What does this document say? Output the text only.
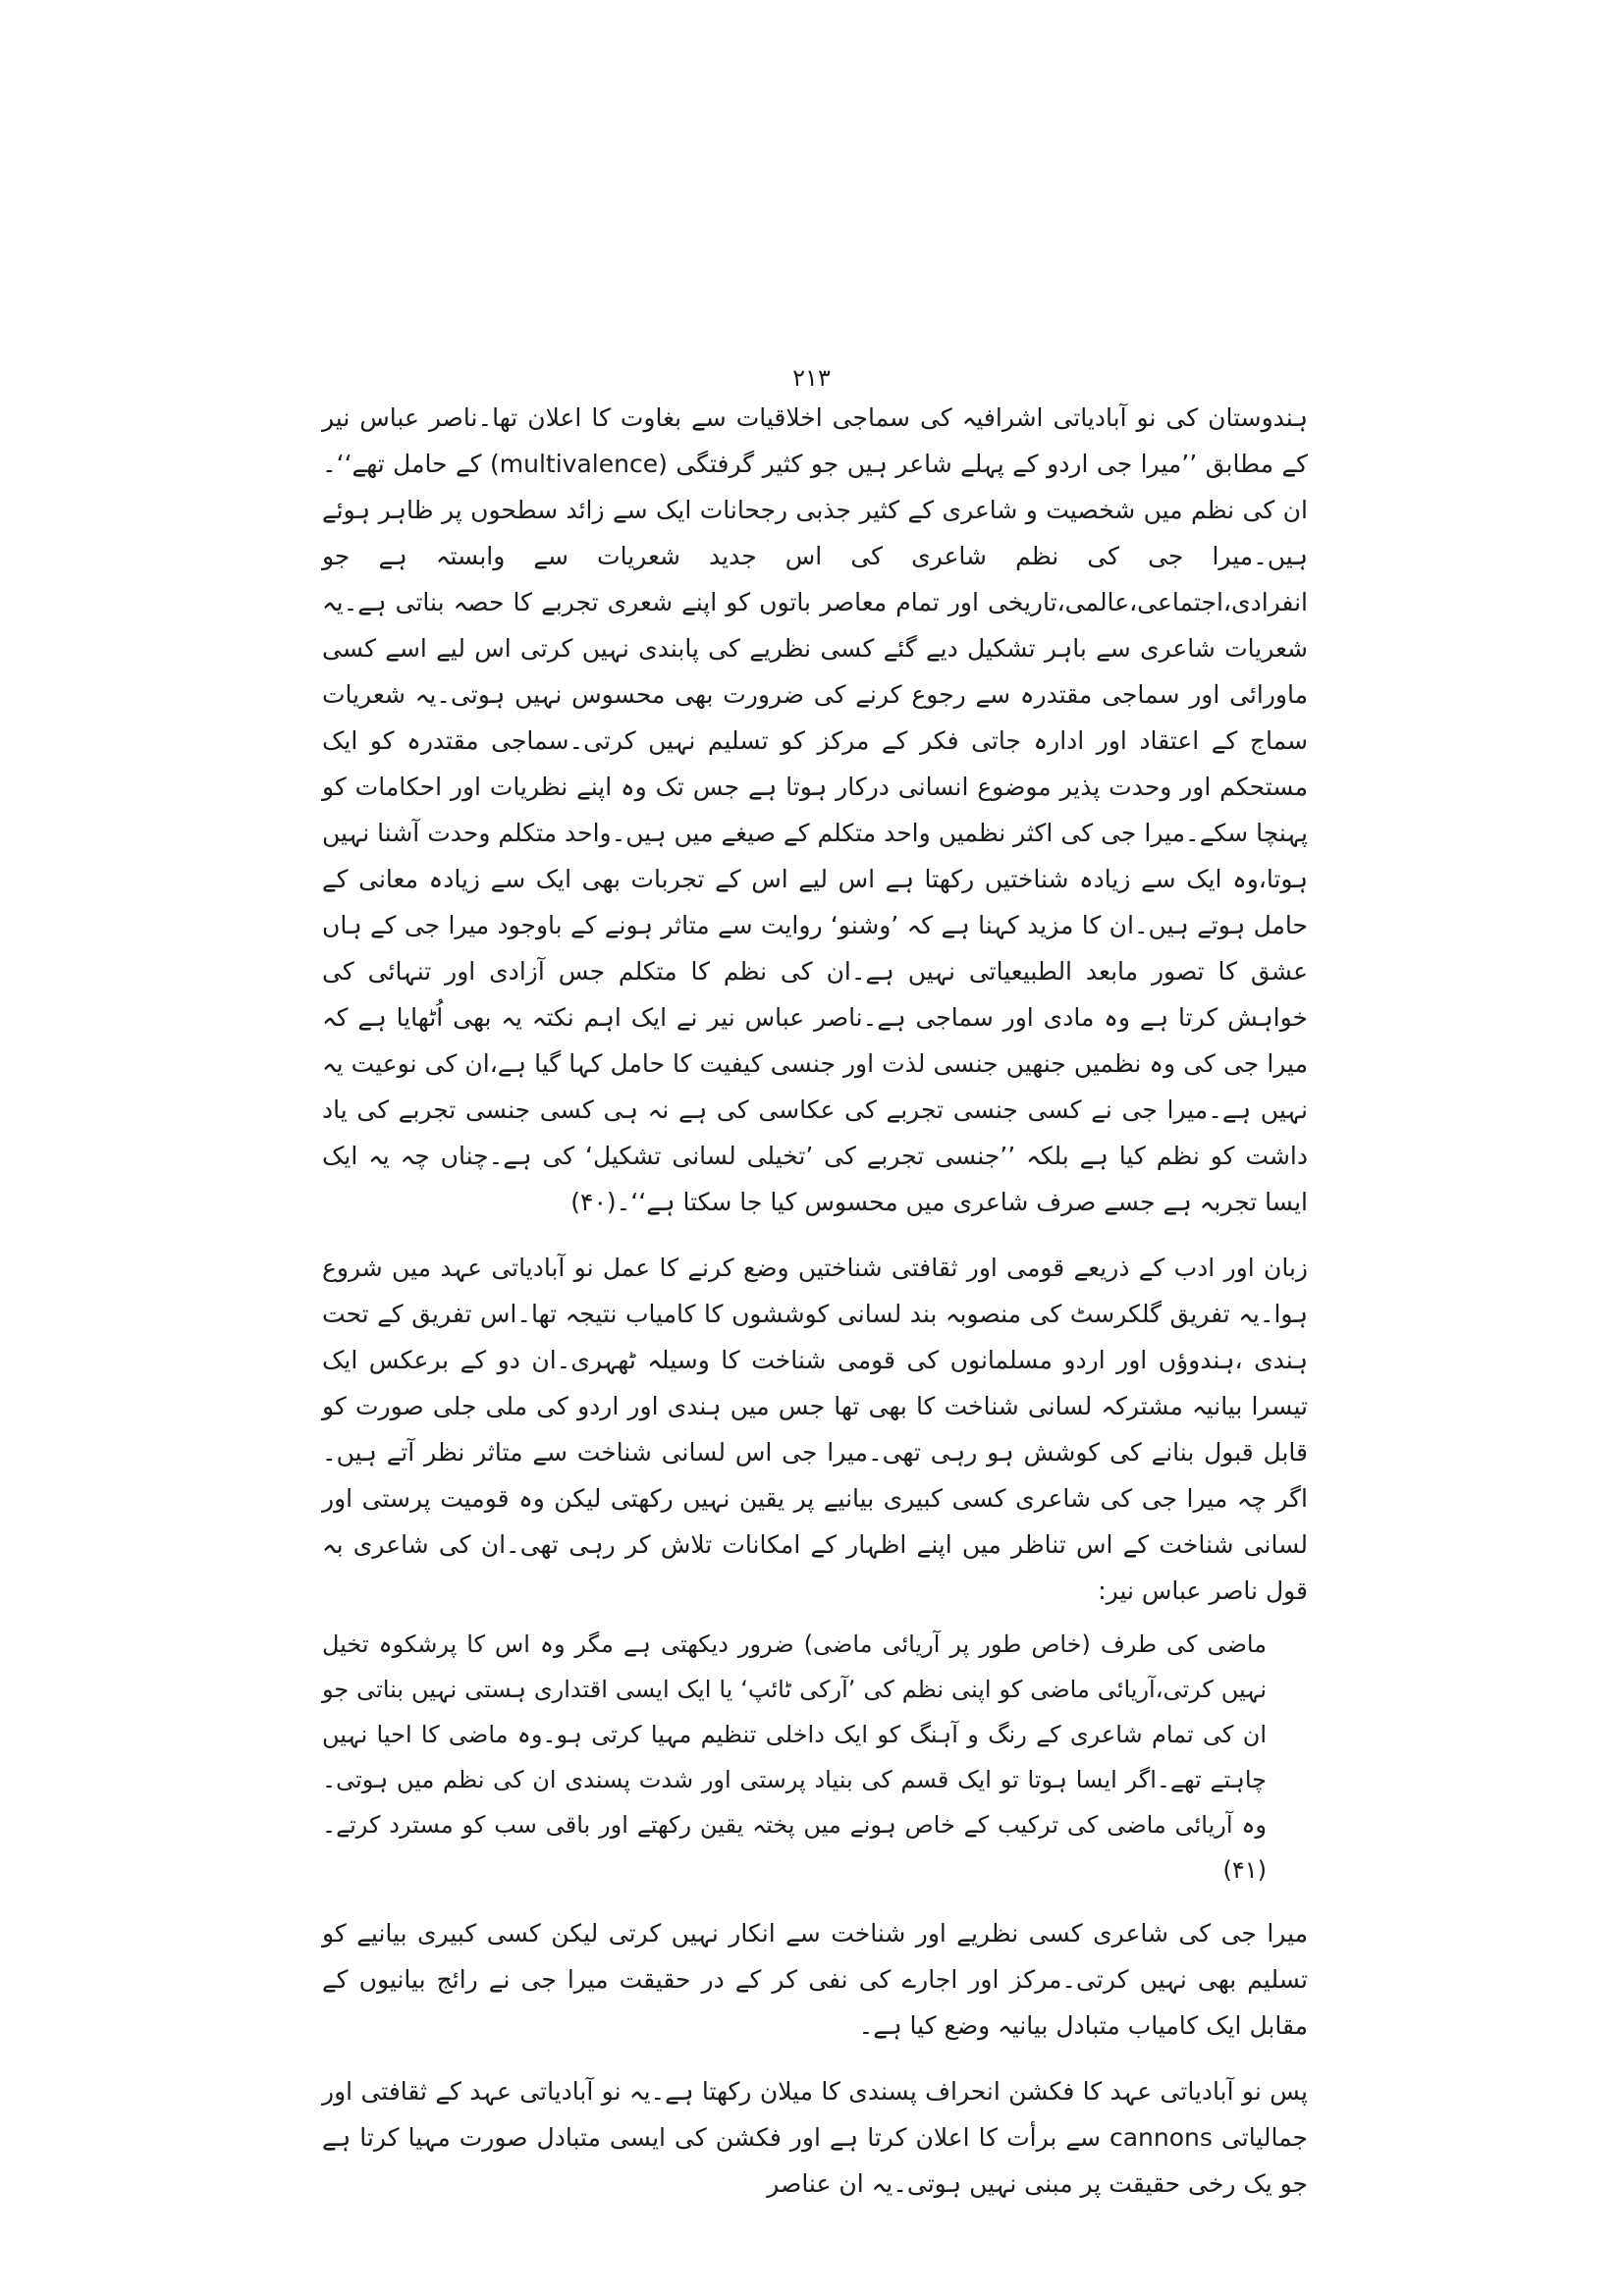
۲۱۳

ہندوستان کی نو آبادیاتی اشرافیہ کی سماجی اخلاقیات سے بغاوت کا اعلان تھا۔ناصر عباس نیر کے مطابق ’’میرا جی اردو کے پہلے شاعر ہیں جو کثیر گرفتگی (multivalence) کے حامل تھے‘‘۔ان کی نظم میں شخصیت و شاعری کے کثیر جذبی رجحانات ایک سے زائد سطحوں پر ظاہر ہوئے ہیں۔میرا جی کی نظم شاعری کی اس جدید شعریات سے وابستہ ہے جو انفرادی،اجتماعی،عالمی،تاریخی اور تمام معاصر باتوں کو اپنے شعری تجربے کا حصہ بناتی ہے۔یہ شعریات شاعری سے باہر تشکیل دیے گئے کسی نظریے کی پابندی نہیں کرتی اس لیے اسے کسی ماورائی اور سماجی مقتدرہ سے رجوع کرنے کی ضرورت بھی محسوس نہیں ہوتی۔یہ شعریات سماج کے اعتقاد اور ادارہ جاتی فکر کے مرکز کو تسلیم نہیں کرتی۔سماجی مقتدرہ کو ایک مستحکم اور وحدت پذیر موضوع انسانی درکار ہوتا ہے جس تک وہ اپنے نظریات اور احکامات کو پہنچا سکے۔میرا جی کی اکثر نظمیں واحد متکلم کے صیغے میں ہیں۔واحد متکلم وحدت آشنا نہیں ہوتا،وہ ایک سے زیادہ شناختیں رکھتا ہے اس لیے اس کے تجربات بھی ایک سے زیادہ معانی کے حامل ہوتے ہیں۔ان کا مزید کہنا ہے کہ ’وشنو‘ روایت سے متاثر ہونے کے باوجود میرا جی کے ہاں عشق کا تصور مابعد الطبیعیاتی نہیں ہے۔ان کی نظم کا متکلم جس آزادی اور تنہائی کی خواہش کرتا ہے وہ مادی اور سماجی ہے۔ناصر عباس نیر نے ایک اہم نکتہ یہ بھی اُٹھایا ہے کہ میرا جی کی وہ نظمیں جنھیں جنسی لذت اور جنسی کیفیت کا حامل کہا گیا ہے،ان کی نوعیت یہ نہیں ہے۔میرا جی نے کسی جنسی تجربے کی عکاسی کی ہے نہ ہی کسی جنسی تجربے کی یاد داشت کو نظم کیا ہے بلکہ ’’جنسی تجربے کی ’تخیلی لسانی تشکیل‘ کی ہے۔چناں چہ یہ ایک ایسا تجربہ ہے جسے صرف شاعری میں محسوس کیا جا سکتا ہے‘‘۔(۴۰)

زبان اور ادب کے ذریعے قومی اور ثقافتی شناختیں وضع کرنے کا عمل نو آبادیاتی عہد میں شروع ہوا۔یہ تفریق گلکرسٹ کی منصوبہ بند لسانی کوششوں کا کامیاب نتیجہ تھا۔اس تفریق کے تحت ہندی ،ہندوؤں اور اردو مسلمانوں کی قومی شناخت کا وسیلہ ٹھہری۔ان دو کے برعکس ایک تیسرا بیانیہ مشترکہ لسانی شناخت کا بھی تھا جس میں ہندی اور اردو کی ملی جلی صورت کو قابل قبول بنانے کی کوشش ہو رہی تھی۔میرا جی اس لسانی شناخت سے متاثر نظر آتے ہیں۔اگر چہ میرا جی کی شاعری کسی کبیری بیانیے پر یقین نہیں رکھتی لیکن وہ قومیت پرستی اور لسانی شناخت کے اس تناظر میں اپنے اظہار کے امکانات تلاش کر رہی تھی۔ان کی شاعری بہ قول ناصر عباس نیر:

ماضی کی طرف (خاص طور پر آریائی ماضی) ضرور دیکھتی ہے مگر وہ اس کا پرشکوہ تخیل نہیں کرتی،آریائی ماضی کو اپنی نظم کی ’آرکی ٹائپ‘ یا ایک ایسی اقتداری ہستی نہیں بناتی جو ان کی تمام شاعری کے رنگ و آہنگ کو ایک داخلی تنظیم مہیا کرتی ہو۔وہ ماضی کا احیا نہیں چاہتے تھے۔اگر ایسا ہوتا تو ایک قسم کی بنیاد پرستی اور شدت پسندی ان کی نظم میں ہوتی۔وہ آریائی ماضی کی ترکیب کے خاص ہونے میں پختہ یقین رکھتے اور باقی سب کو مسترد کرتے۔(۴۱)

میرا جی کی شاعری کسی نظریے اور شناخت سے انکار نہیں کرتی لیکن کسی کبیری بیانیے کو تسلیم بھی نہیں کرتی۔مرکز اور اجارے کی نفی کر کے در حقیقت میرا جی نے رائج بیانیوں کے مقابل ایک کامیاب متبادل بیانیہ وضع کیا ہے۔

پس نو آبادیاتی عہد کا فکشن انحراف پسندی کا میلان رکھتا ہے۔یہ نو آبادیاتی عہد کے ثقافتی اور جمالیاتی cannons سے برأت کا اعلان کرتا ہے اور فکشن کی ایسی متبادل صورت مہیا کرتا ہے جو یک رخی حقیقت پر مبنی نہیں ہوتی۔یہ ان عناصر
